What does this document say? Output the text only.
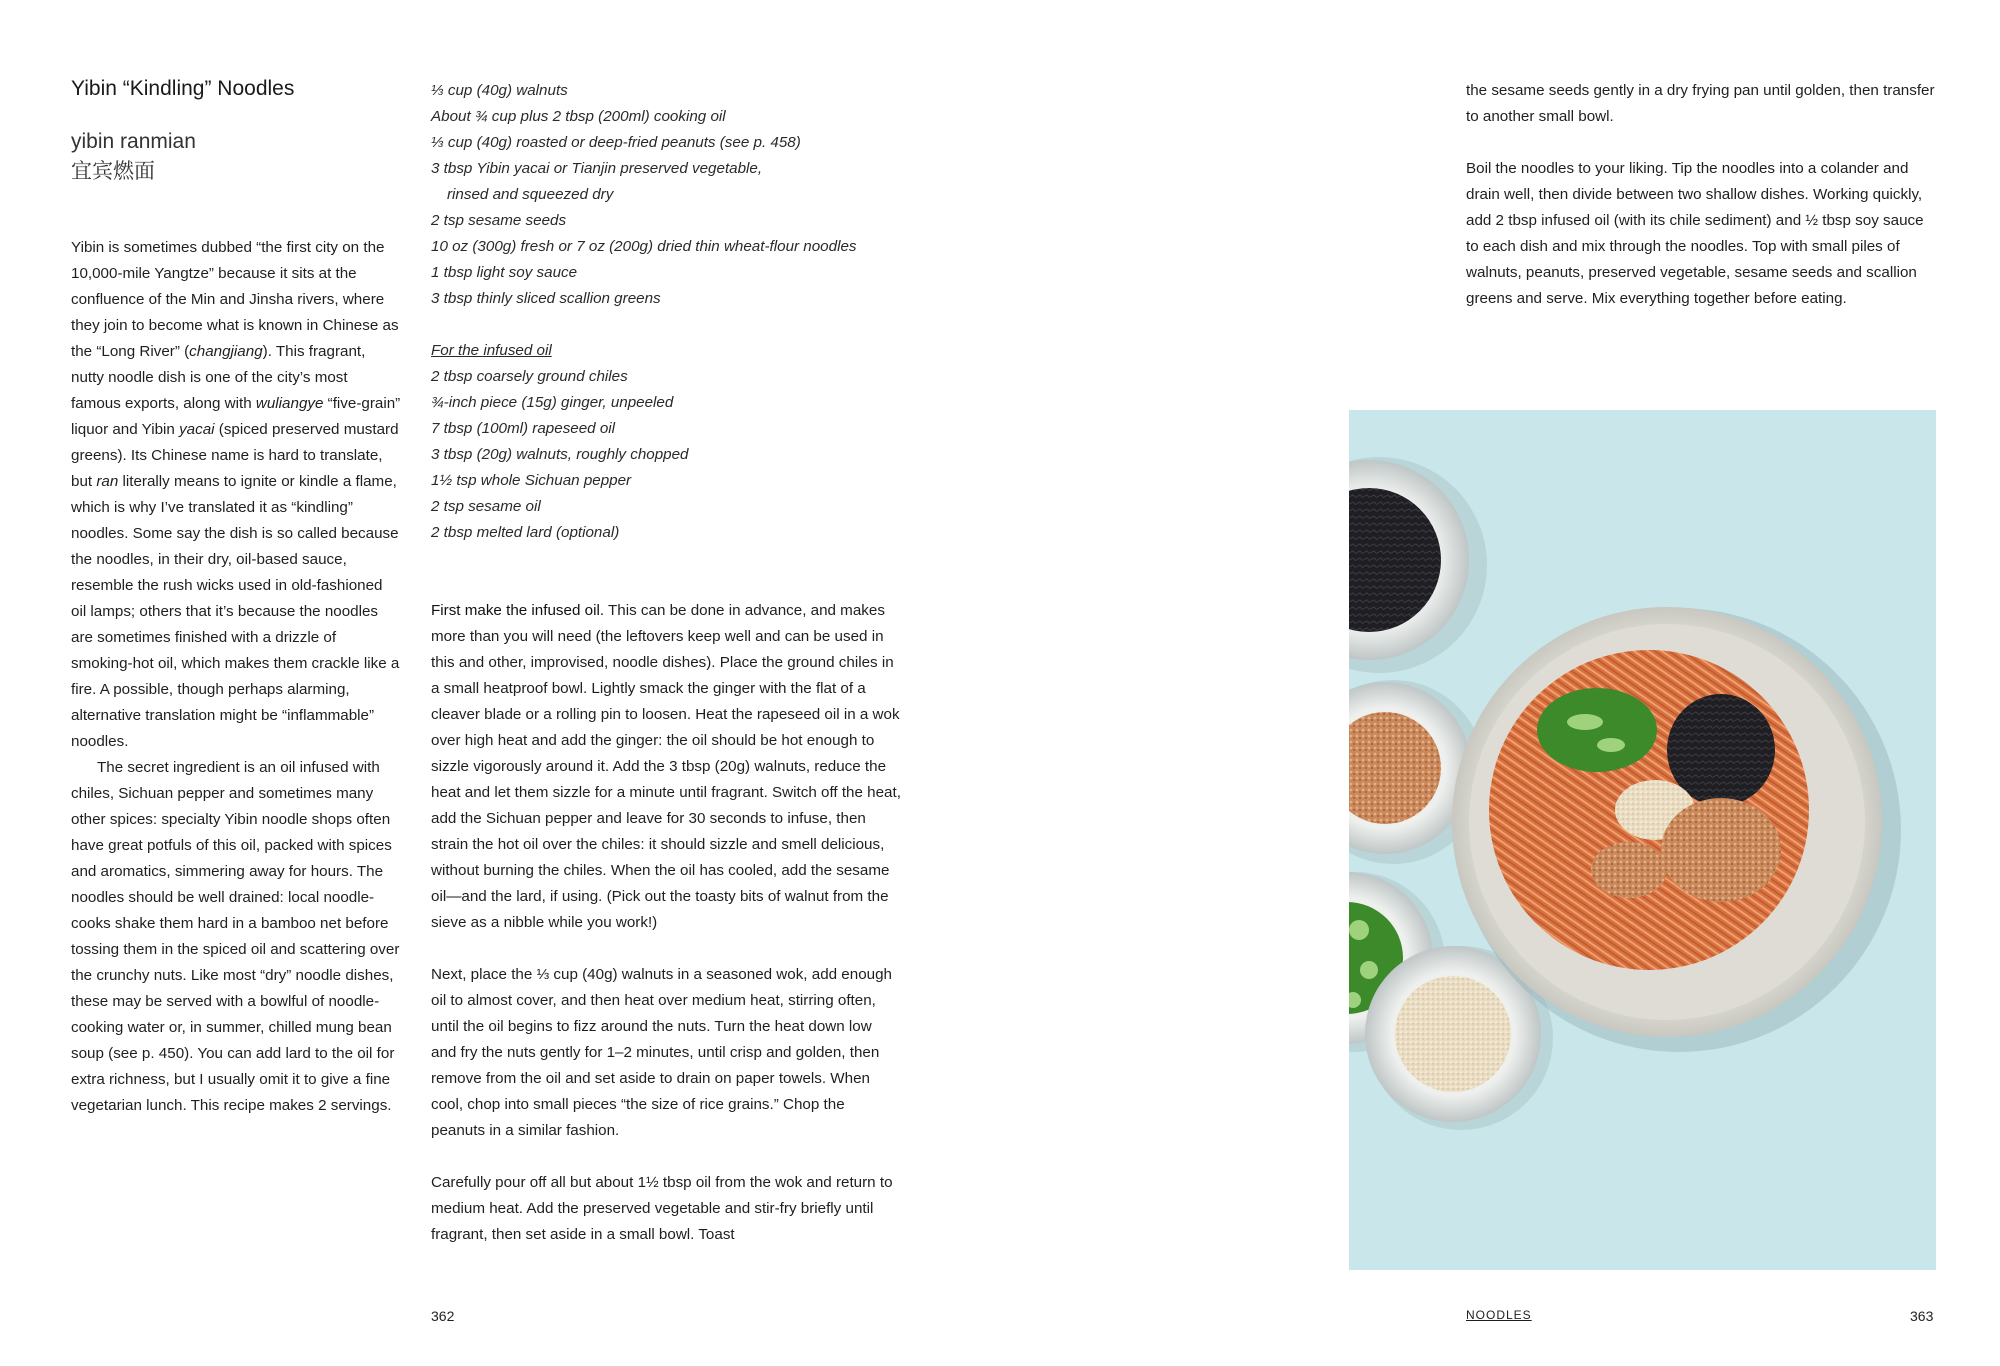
Yibin “Kindling” Noodles
yibin ranmian
宜宾燃面

Yibin is sometimes dubbed “the first city on the 10,000-mile Yangtze” because it sits at the confluence of the Min and Jinsha rivers, where they join to become what is known in Chinese as the “Long River” (changjiang). This fragrant, nutty noodle dish is one of the city’s most famous exports, along with wuliangye “five-grain” liquor and Yibin yacai (spiced preserved mustard greens). Its Chinese name is hard to translate, but ran literally means to ignite or kindle a flame, which is why I’ve translated it as “kindling” noodles. Some say the dish is so called because the noodles, in their dry, oil-based sauce, resemble the rush wicks used in old-fashioned oil lamps; others that it’s because the noodles are sometimes finished with a drizzle of smoking-hot oil, which makes them crackle like a fire. A possible, though perhaps alarming, alternative translation might be “inflammable” noodles.

The secret ingredient is an oil infused with chiles, Sichuan pepper and sometimes many other spices: specialty Yibin noodle shops often have great potfuls of this oil, packed with spices and aromatics, simmering away for hours. The noodles should be well drained: local noodle-cooks shake them hard in a bamboo net before tossing them in the spiced oil and scattering over the crunchy nuts. Like most “dry” noodle dishes, these may be served with a bowlful of noodle-cooking water or, in summer, chilled mung bean soup (see p. 450). You can add lard to the oil for extra richness, but I usually omit it to give a fine vegetarian lunch. This recipe makes 2 servings.

⅓ cup (40g) walnuts
About ¾ cup plus 2 tbsp (200ml) cooking oil
⅓ cup (40g) roasted or deep-fried peanuts (see p. 458)
3 tbsp Yibin yacai or Tianjin preserved vegetable,
rinsed and squeezed dry
2 tsp sesame seeds
10 oz (300g) fresh or 7 oz (200g) dried thin wheat-flour noodles
1 tbsp light soy sauce
3 tbsp thinly sliced scallion greens
For the infused oil
2 tbsp coarsely ground chiles
¾-inch piece (15g) ginger, unpeeled
7 tbsp (100ml) rapeseed oil
3 tbsp (20g) walnuts, roughly chopped
1½ tsp whole Sichuan pepper
2 tsp sesame oil
2 tbsp melted lard (optional)

First make the infused oil. This can be done in advance, and makes more than you will need (the leftovers keep well and can be used in this and other, improvised, noodle dishes). Place the ground chiles in a small heatproof bowl. Lightly smack the ginger with the flat of a cleaver blade or a rolling pin to loosen. Heat the rapeseed oil in a wok over high heat and add the ginger: the oil should be hot enough to sizzle vigorously around it. Add the 3 tbsp (20g) walnuts, reduce the heat and let them sizzle for a minute until fragrant. Switch off the heat, add the Sichuan pepper and leave for 30 seconds to infuse, then strain the hot oil over the chiles: it should sizzle and smell delicious, without burning the chiles. When the oil has cooled, add the sesame oil—and the lard, if using. (Pick out the toasty bits of walnut from the sieve as a nibble while you work!)

Next, place the ⅓ cup (40g) walnuts in a seasoned wok, add enough oil to almost cover, and then heat over medium heat, stirring often, until the oil begins to fizz around the nuts. Turn the heat down low and fry the nuts gently for 1–2 minutes, until crisp and golden, then remove from the oil and set aside to drain on paper towels. When cool, chop into small pieces “the size of rice grains.” Chop the peanuts in a similar fashion.

Carefully pour off all but about 1½ tbsp oil from the wok and return to medium heat. Add the preserved vegetable and stir-fry briefly until fragrant, then set aside in a small bowl. Toast

362

the sesame seeds gently in a dry frying pan until golden, then transfer to another small bowl.

Boil the noodles to your liking. Tip the noodles into a colander and drain well, then divide between two shallow dishes. Working quickly, add 2 tbsp infused oil (with its chile sediment) and ½ tbsp soy sauce to each dish and mix through the noodles. Top with small piles of walnuts, peanuts, preserved vegetable, sesame seeds and scallion greens and serve. Mix everything together before eating.

NOODLES	363
